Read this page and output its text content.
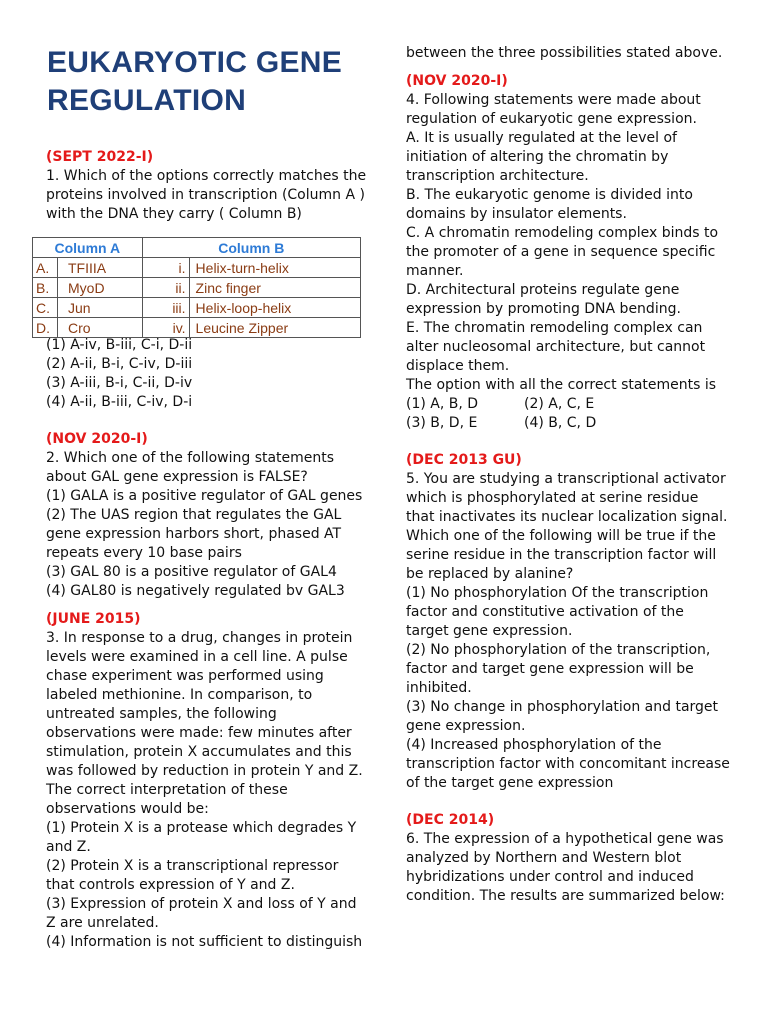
EUKARYOTIC GENE REGULATION

(SEPT 2022-I)

1. Which of the options correctly matches the proteins involved in transcription (Column A ) with the DNA they carry ( Column B)

(1) A-iv, B-iii, C-i, D-ii

(2) A-ii, B-i, C-iv, D-iii

(3) A-iii, B-i, C-ii, D-iv

(4) A-ii, B-iii, C-iv, D-i

(NOV 2020-I)

2. Which one of the following statements about GAL gene expression is FALSE?

(1) GALA is a positive regulator of GAL genes

(2) The UAS region that regulates the GAL gene expression harbors short, phased AT repeats every 10 base pairs

(3) GAL 80 is a positive regulator of GAL4

(4) GAL80 is negatively regulated bv GAL3

(JUNE 2015)

3. In response to a drug, changes in protein levels were examined in a cell line. A pulse chase experiment was performed using labeled methionine. In comparison, to untreated samples, the following observations were made: few minutes after stimulation, protein X accumulates and this was followed by reduction in protein Y and Z. The correct interpretation of these observations would be:

(1) Protein X is a protease which degrades Y and Z.

(2) Protein X is a transcriptional repressor that controls expression of Y and Z.

(3) Expression of protein X and loss of Y and Z are unrelated.

(4) Information is not sufficient to distinguish

Column A		Column B	
A.	TFIIIA	i.	Helix-turn-helix
B.	MyoD	ii.	Zinc finger
C.	Jun	iii.	Helix-loop-helix
D.	Cro	iv.	Leucine Zipper

between the three possibilities stated above.

(NOV 2020-I)

4. Following statements were made about regulation of eukaryotic gene expression.

A. It is usually regulated at the level of initiation of altering the chromatin by transcription architecture.

B. The eukaryotic genome is divided into domains by insulator elements.

C. A chromatin remodeling complex binds to the promoter of a gene in sequence specific manner.

D. Architectural proteins regulate gene expression by promoting DNA bending.

E. The chromatin remodeling complex can alter nucleosomal architecture, but cannot displace them.

The option with all the correct statements is

(1) A, B, D	(2) A, C, E

(3) B, D, E	(4) B, C, D

(DEC 2013 GU)

5. You are studying a transcriptional activator which is phosphorylated at serine residue that inactivates its nuclear localization signal. Which one of the following will be true if the serine residue in the transcription factor will be replaced by alanine?

(1) No phosphorylation Of the transcription factor and constitutive activation of the target gene expression.

(2) No phosphorylation of the transcription, factor and target gene expression will be inhibited.

(3) No change in phosphorylation and target gene expression.

(4) Increased phosphorylation of the transcription factor with concomitant increase of the target gene expression

(DEC 2014)

6. The expression of a hypothetical gene was analyzed by Northern and Western blot hybridizations under control and induced condition. The results are summarized below:
